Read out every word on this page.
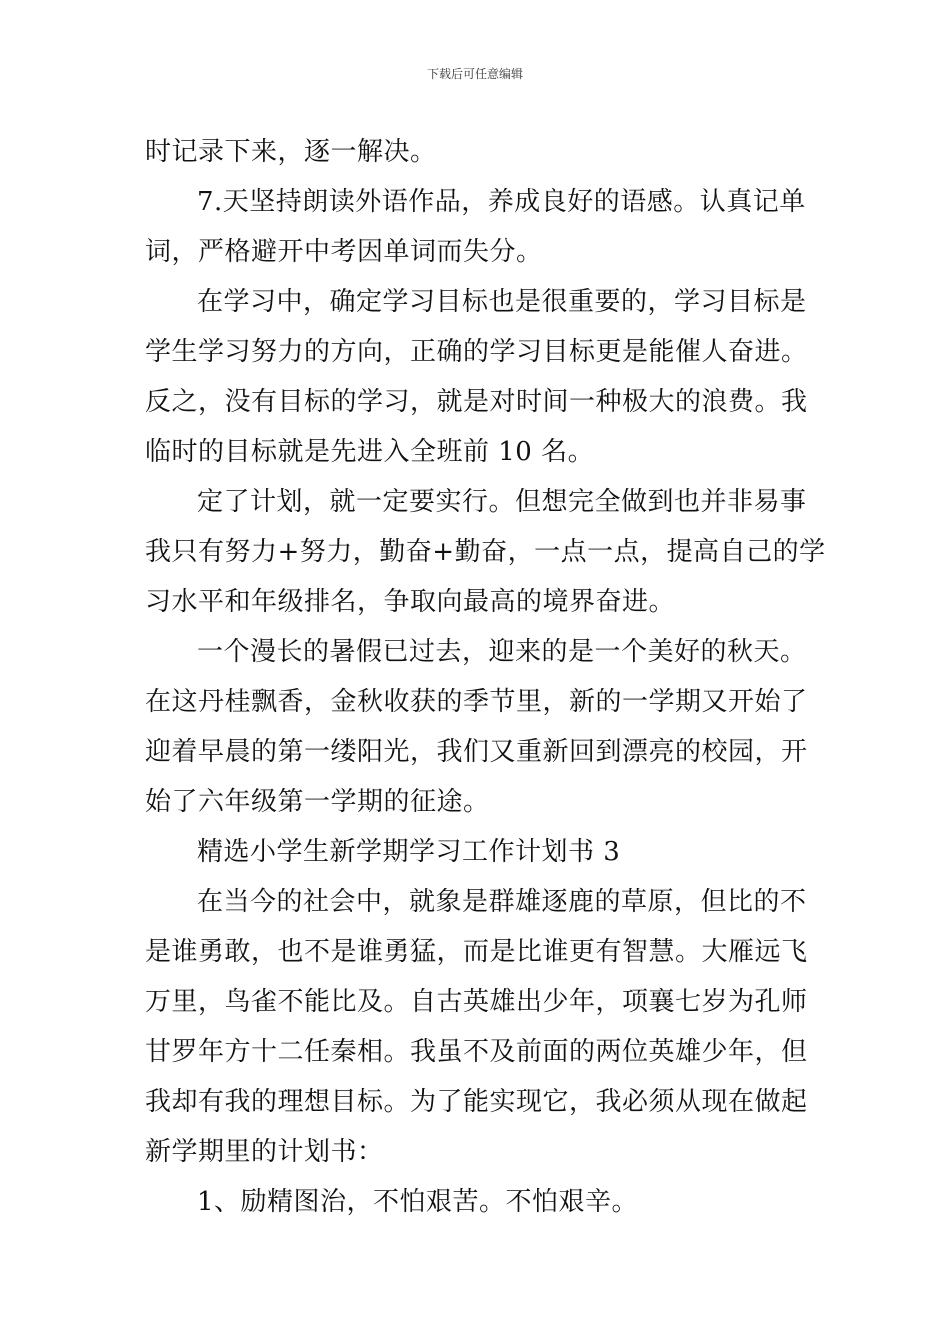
下载后可任意编辑
时记录下来，逐一解决。
7.天坚持朗读外语作品，养成良好的语感。认真记单
词，严格避开中考因单词而失分。
在学习中，确定学习目标也是很重要的，学习目标是
学生学习努力的方向，正确的学习目标更是能催人奋进。
反之，没有目标的学习，就是对时间一种极大的浪费。我
临时的目标就是先进入全班前 10 名。
定了计划，就一定要实行。但想完全做到也并非易事
我只有努力+努力，勤奋+勤奋，一点一点，提高自己的学
习水平和年级排名，争取向最高的境界奋进。
一个漫长的暑假已过去，迎来的是一个美好的秋天。
在这丹桂飘香，金秋收获的季节里，新的一学期又开始了
迎着早晨的第一缕阳光，我们又重新回到漂亮的校园，开
始了六年级第一学期的征途。
精选小学生新学期学习工作计划书 3
在当今的社会中，就象是群雄逐鹿的草原，但比的不
是谁勇敢，也不是谁勇猛，而是比谁更有智慧。大雁远飞
万里，鸟雀不能比及。自古英雄出少年，项襄七岁为孔师
甘罗年方十二任秦相。我虽不及前面的两位英雄少年，但
我却有我的理想目标。为了能实现它，我必须从现在做起
新学期里的计划书：
1、励精图治，不怕艰苦。不怕艰辛。
